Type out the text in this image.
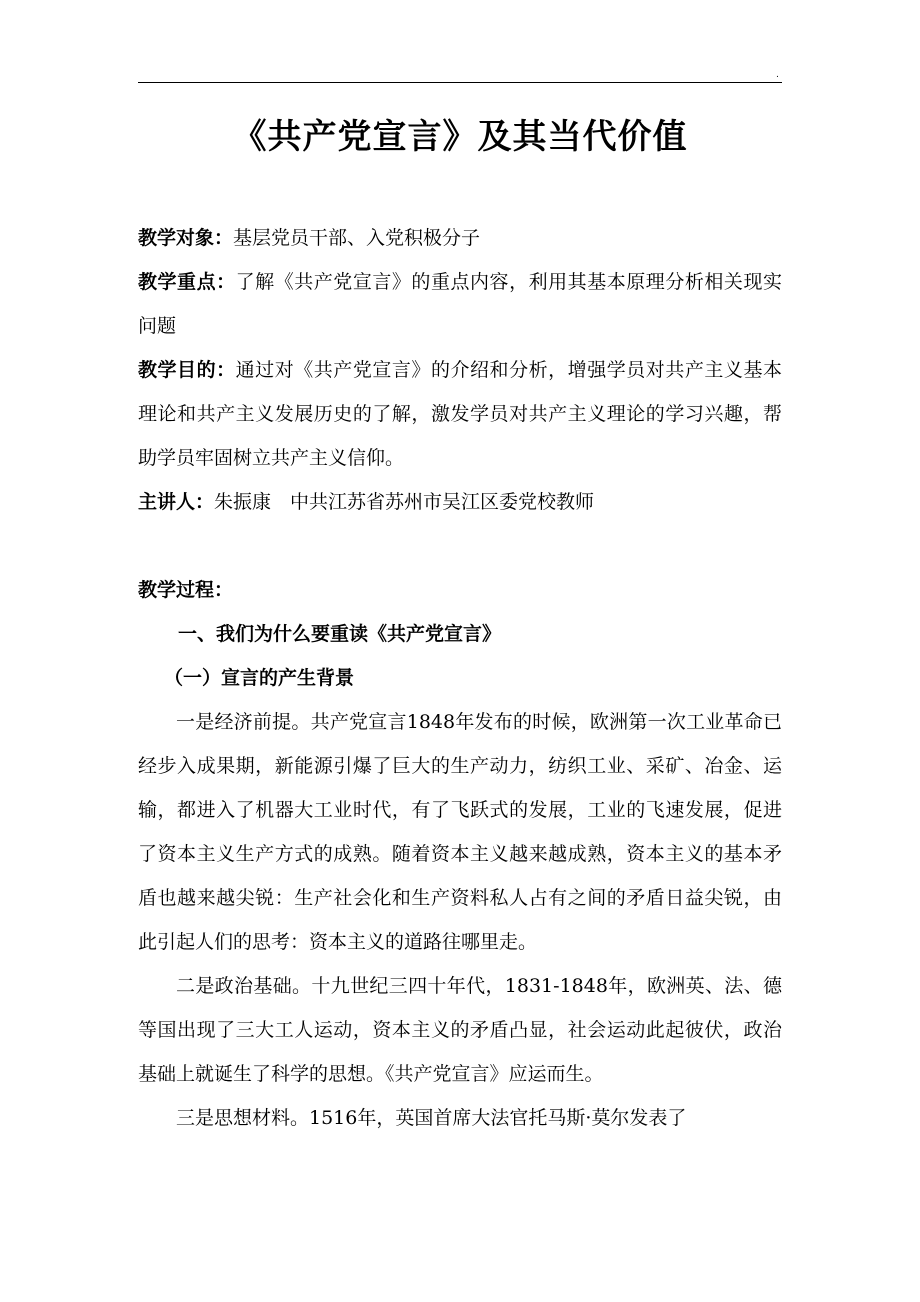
.
《共产党宣言》及其当代价值

教学对象：基层党员干部、入党积极分子

教学重点：了解《共产党宣言》的重点内容，利用其基本原理分析相关现实问题

教学目的：通过对《共产党宣言》的介绍和分析，增强学员对共产主义基本理论和共产主义发展历史的了解，激发学员对共产主义理论的学习兴趣，帮助学员牢固树立共产主义信仰。

主讲人：朱振康　中共江苏省苏州市吴江区委党校教师

教学过程：

一、我们为什么要重读《共产党宣言》

（一）宣言的产生背景

一是经济前提。共产党宣言1848年发布的时候，欧洲第一次工业革命已经步入成果期，新能源引爆了巨大的生产动力，纺织工业、采矿、冶金、运输，都进入了机器大工业时代，有了飞跃式的发展，工业的飞速发展，促进了资本主义生产方式的成熟。随着资本主义越来越成熟，资本主义的基本矛盾也越来越尖锐：生产社会化和生产资料私人占有之间的矛盾日益尖锐，由此引起人们的思考：资本主义的道路往哪里走。

二是政治基础。十九世纪三四十年代，1831-1848年，欧洲英、法、德等国出现了三大工人运动，资本主义的矛盾凸显，社会运动此起彼伏，政治基础上就诞生了科学的思想。《共产党宣言》应运而生。

三是思想材料。1516年，英国首席大法官托马斯·莫尔发表了
